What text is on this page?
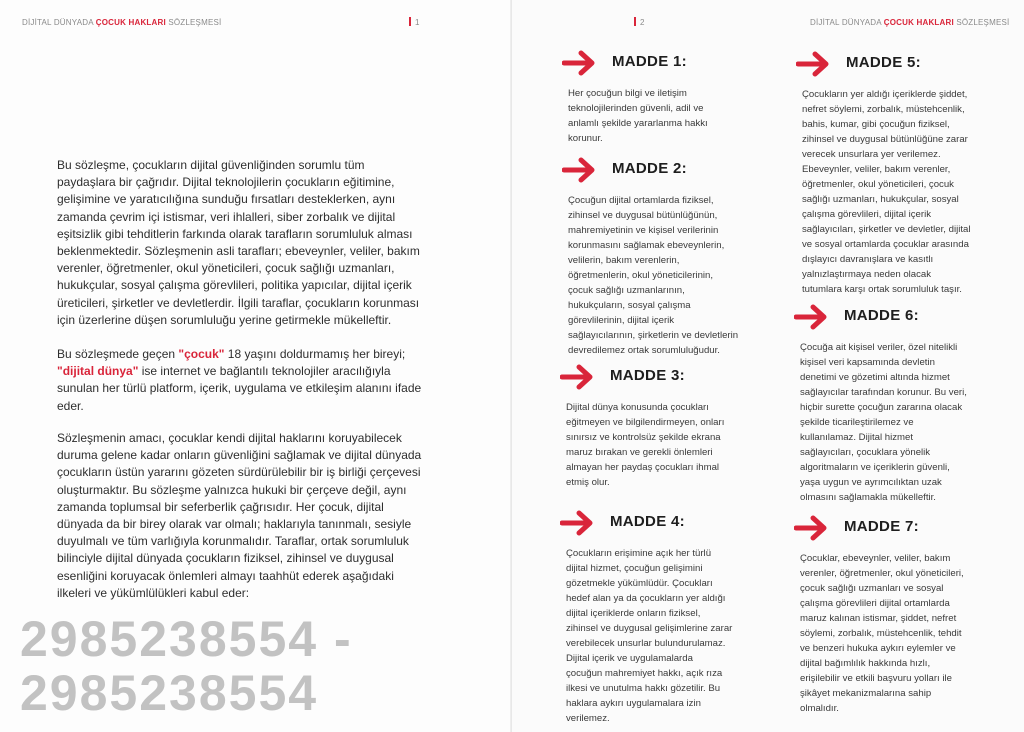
DİJİTAL DÜNYADA ÇOCUK HAKLARI SÖZLEŞMESİ	1
Bu sözleşme, çocukların dijital güvenliğinden sorumlu tüm
paydaşlara bir çağrıdır. Dijital teknolojilerin çocukların eğitimine,
gelişimine ve yaratıcılığına sunduğu fırsatları desteklerken, aynı
zamanda çevrim içi istismar, veri ihlalleri, siber zorbalık ve dijital
eşitsizlik gibi tehditlerin farkında olarak tarafların sorumluluk alması
beklenmektedir. Sözleşmenin asli tarafları; ebeveynler, veliler, bakım
verenler, öğretmenler, okul yöneticileri, çocuk sağlığı uzmanları,
hukukçular, sosyal çalışma görevlileri, politika yapıcılar, dijital içerik
üreticileri, şirketler ve devletlerdir. İlgili taraflar, çocukların korunması
için üzerlerine düşen sorumluluğu yerine getirmekle mükelleftir.
Bu sözleşmede geçen "çocuk" 18 yaşını doldurmamış her bireyi;
"dijital dünya" ise internet ve bağlantılı teknolojiler aracılığıyla
sunulan her türlü platform, içerik, uygulama ve etkileşim alanını ifade
eder.
Sözleşmenin amacı, çocuklar kendi dijital haklarını koruyabilecek
duruma gelene kadar onların güvenliğini sağlamak ve dijital dünyada
çocukların üstün yararını gözeten sürdürülebilir bir iş birliği çerçevesi
oluşturmaktır. Bu sözleşme yalnızca hukuki bir çerçeve değil, aynı
zamanda toplumsal bir seferberlik çağrısıdır. Her çocuk, dijital
dünyada da bir birey olarak var olmalı; haklarıyla tanınmalı, sesiyle
duyulmalı ve tüm varlığıyla korunmalıdır. Taraflar, ortak sorumluluk
bilinciyle dijital dünyada çocukların fiziksel, zihinsel ve duygusal
esenliğini koruyacak önlemleri almayı taahhüt ederek aşağıdaki
ilkeleri ve yükümlülükleri kabul eder:
2985238554 - 2985238554
2	DİJİTAL DÜNYADA ÇOCUK HAKLARI SÖZLEŞMESİ
MADDE 1:
Her çocuğun bilgi ve iletişim
teknolojilerinden güvenli, adil ve
anlamlı şekilde yararlanma hakkı
korunur.
MADDE 2:
Çocuğun dijital ortamlarda fiziksel,
zihinsel ve duygusal bütünlüğünün,
mahremiyetinin ve kişisel verilerinin
korunmasını sağlamak ebeveynlerin,
velilerin, bakım verenlerin,
öğretmenlerin, okul yöneticilerinin,
çocuk sağlığı uzmanlarının,
hukukçuların, sosyal çalışma
görevlilerinin, dijital içerik
sağlayıcılarının, şirketlerin ve devletlerin
devredilemez ortak sorumluluğudur.
MADDE 3:
Dijital dünya konusunda çocukları
eğitmeyen ve bilgilendirmeyen, onları
sınırsız ve kontrolsüz şekilde ekrana
maruz bırakan ve gerekli önlemleri
almayan her paydaş çocukları ihmal
etmiş olur.
MADDE 4:
Çocukların erişimine açık her türlü
dijital hizmet, çocuğun gelişimini
gözetmekle yükümlüdür. Çocukları
hedef alan ya da çocukların yer aldığı
dijital içeriklerde onların fiziksel,
zihinsel ve duygusal gelişimlerine zarar
verebilecek unsurlar bulundurulamaz.
Dijital içerik ve uygulamalarda
çocuğun mahremiyet hakkı, açık rıza
ilkesi ve unutulma hakkı gözetilir. Bu
haklara aykırı uygulamalara izin
verilemez.
MADDE 5:
Çocukların yer aldığı içeriklerde şiddet,
nefret söylemi, zorbalık, müstehcenlik,
bahis, kumar, gibi çocuğun fiziksel,
zihinsel ve duygusal bütünlüğüne zarar
verecek unsurlara yer verilemez.
Ebeveynler, veliler, bakım verenler,
öğretmenler, okul yöneticileri, çocuk
sağlığı uzmanları, hukukçular, sosyal
çalışma görevlileri, dijital içerik
sağlayıcıları, şirketler ve devletler, dijital
ve sosyal ortamlarda çocuklar arasında
dışlayıcı davranışlara ve kasıtlı
yalnızlaştırmaya neden olacak
tutumlara karşı ortak sorumluluk taşır.
MADDE 6:
Çocuğa ait kişisel veriler, özel nitelikli
kişisel veri kapsamında devletin
denetimi ve gözetimi altında hizmet
sağlayıcılar tarafından korunur. Bu veri,
hiçbir surette çocuğun zararına olacak
şekilde ticarileştirilemez ve
kullanılamaz. Dijital hizmet
sağlayıcıları, çocuklara yönelik
algoritmaların ve içeriklerin güvenli,
yaşa uygun ve ayrımcılıktan uzak
olmasını sağlamakla mükelleftir.
MADDE 7:
Çocuklar, ebeveynler, veliler, bakım
verenler, öğretmenler, okul yöneticileri,
çocuk sağlığı uzmanları ve sosyal
çalışma görevlileri dijital ortamlarda
maruz kalınan istismar, şiddet, nefret
söylemi, zorbalık, müstehcenlik, tehdit
ve benzeri hukuka aykırı eylemler ve
dijital bağımlılık hakkında hızlı,
erişilebilir ve etkili başvuru yolları ile
şikâyet mekanizmalarına sahip
olmalıdır.
